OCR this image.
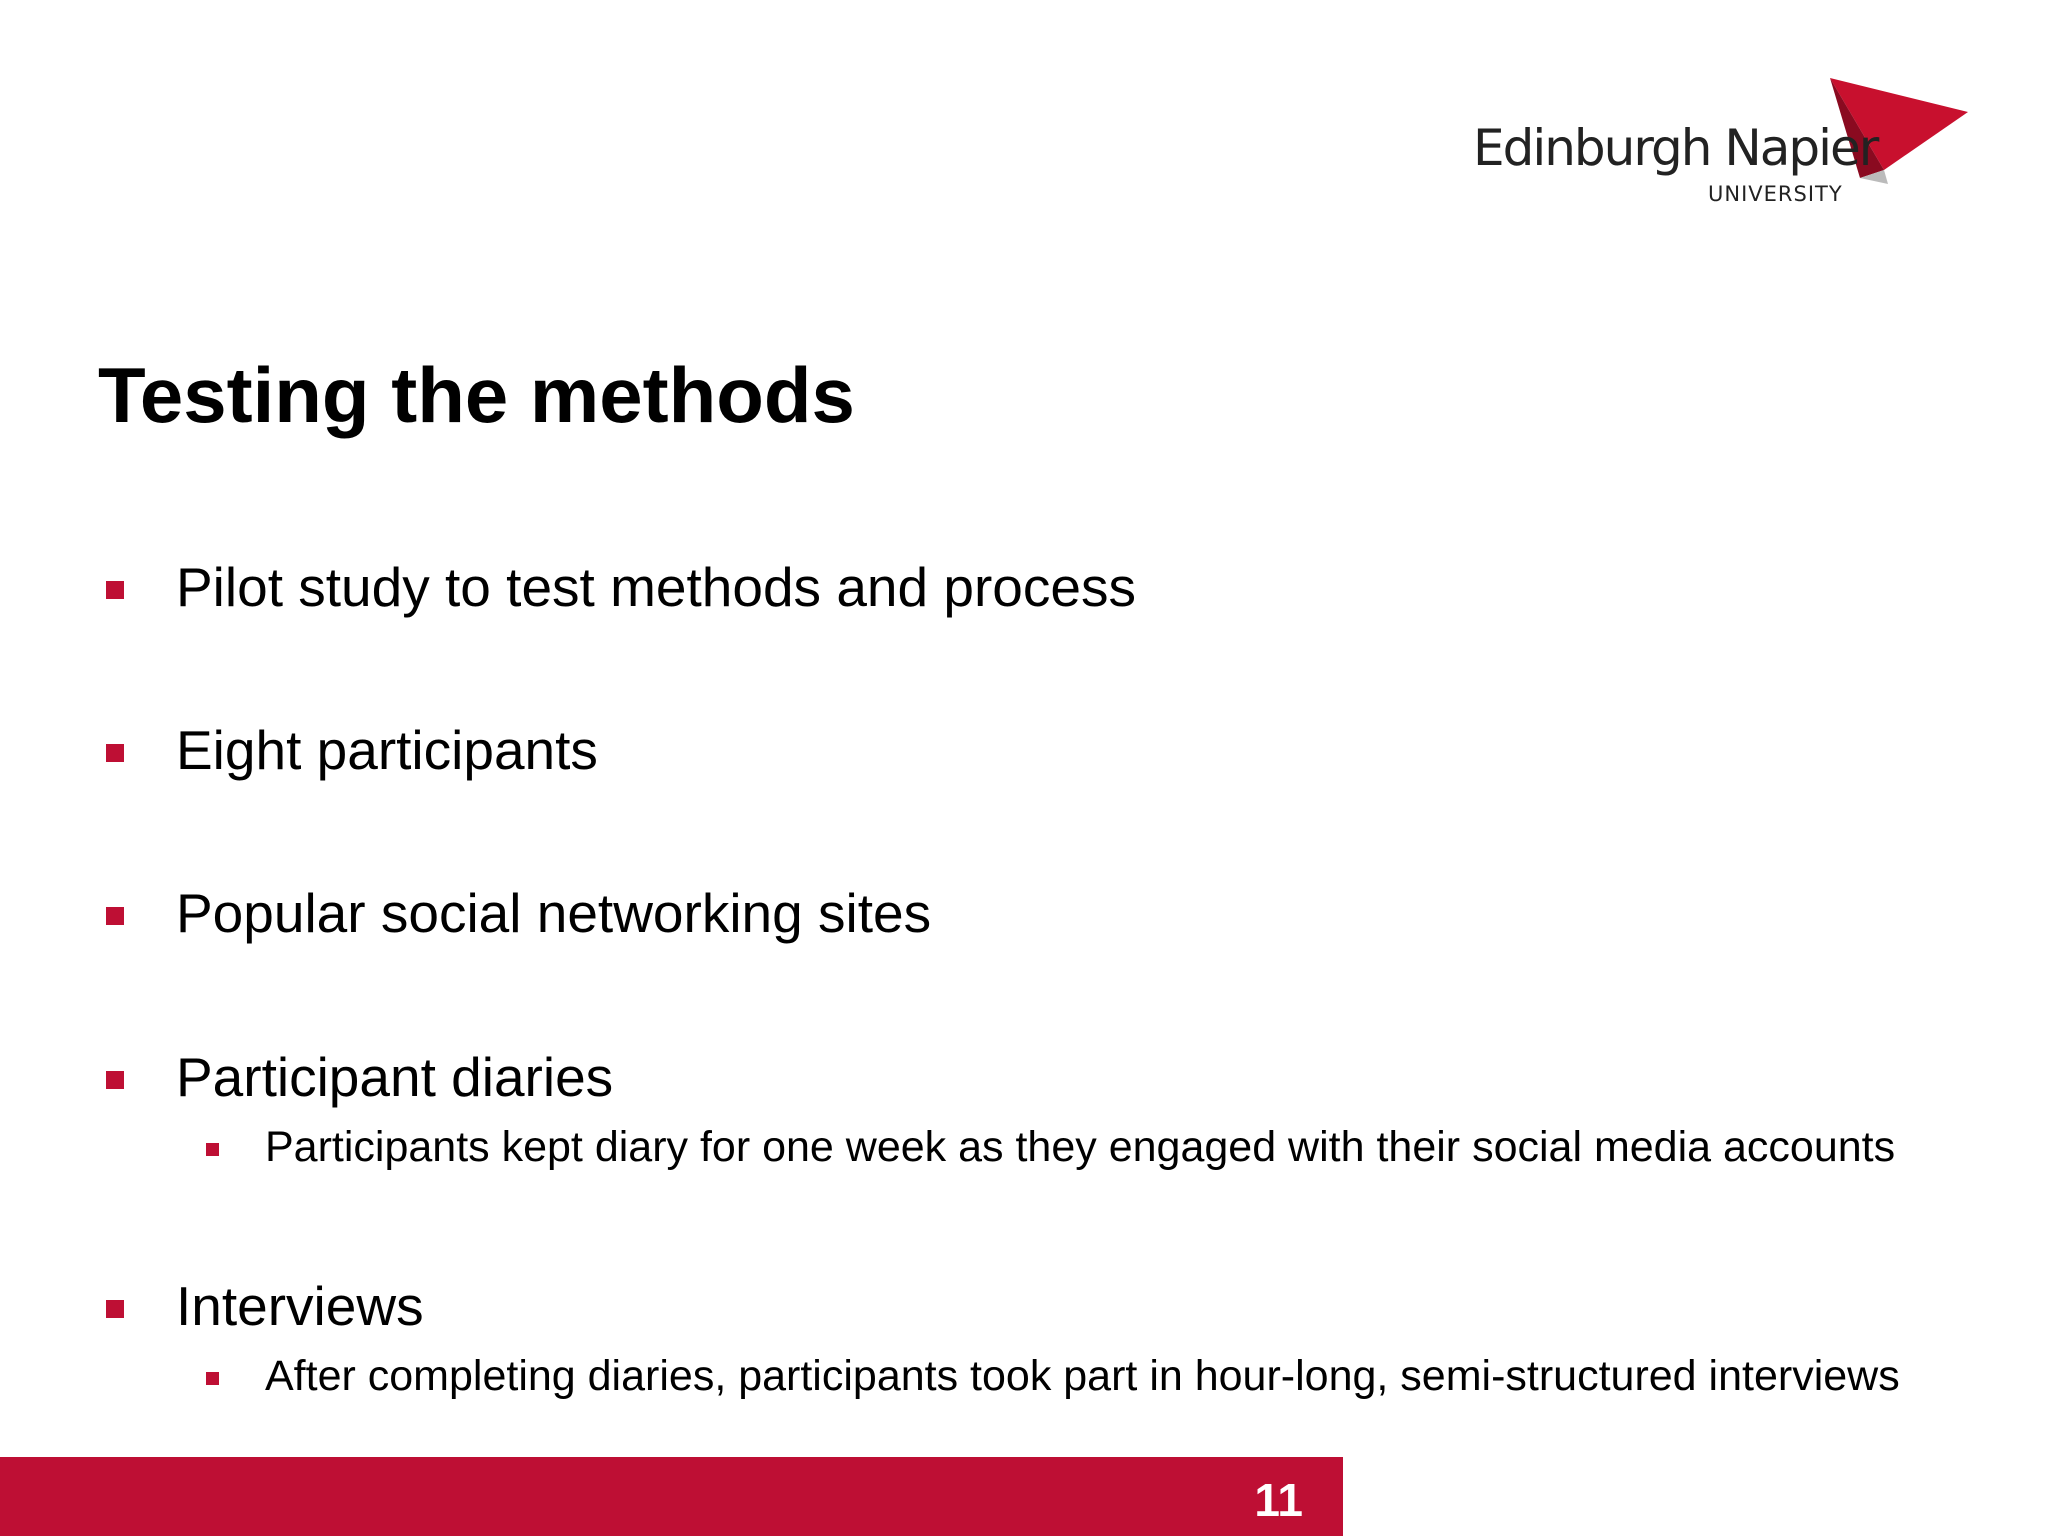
Edinburgh Napier
UNIVERSITY
Testing the methods
Pilot study to test methods and process
Eight participants
Popular social networking sites
Participant diaries
Participants kept diary for one week as they engaged with their social media accounts
Interviews
After completing diaries, participants took part in hour-long, semi-structured interviews
11
